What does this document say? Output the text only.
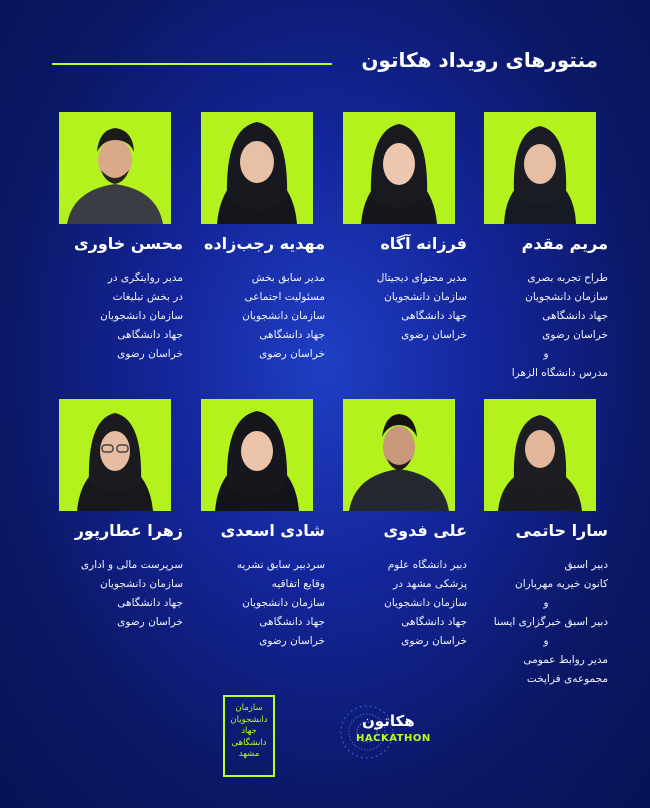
منتورهای رویداد هکاتون
مریم مقدم
طراح تجربه بصری
سازمان دانشجویان
جهاد دانشگاهی
خراسان رضوی
و
مدرس دانشگاه الزهرا
فرزانه آگاه
مدیر محتوای دیجیتال
سازمان دانشجویان
جهاد دانشگاهی
خراسان رضوی
مهدیه رجب‌زاده
مدیر سابق بخش
مسئولیت اجتماعی
سازمان دانشجویان
جهاد دانشگاهی
خراسان رضوی
محسن خاوری
مدیر روایتگری در
در بخش تبلیغات
سازمان دانشجویان
جهاد دانشگاهی
خراسان رضوی
سارا حاتمی
دبیر اسبق
کانون خیریه مهرباران
و
دبیر اسبق خبرگزاری ایسنا
و
مدیر روابط عمومی
مجموعه‌ی فراپخت
علی فدوی
دبیر دانشگاه علوم
پزشکی مشهد در
سازمان دانشجویان
جهاد دانشگاهی
خراسان رضوی
شادی اسعدی
سردبیر سابق نشریه
وقایع اتفاقیه
سازمان دانشجویان
جهاد دانشگاهی
خراسان رضوی
زهرا عطارپور
سرپرست مالی و اداری
سازمان دانشجویان
جهاد دانشگاهی
خراسان رضوی
سازمان
دانشجویان
جهاد
دانشگاهی
مشهد
هکاتون
HACKATHON
